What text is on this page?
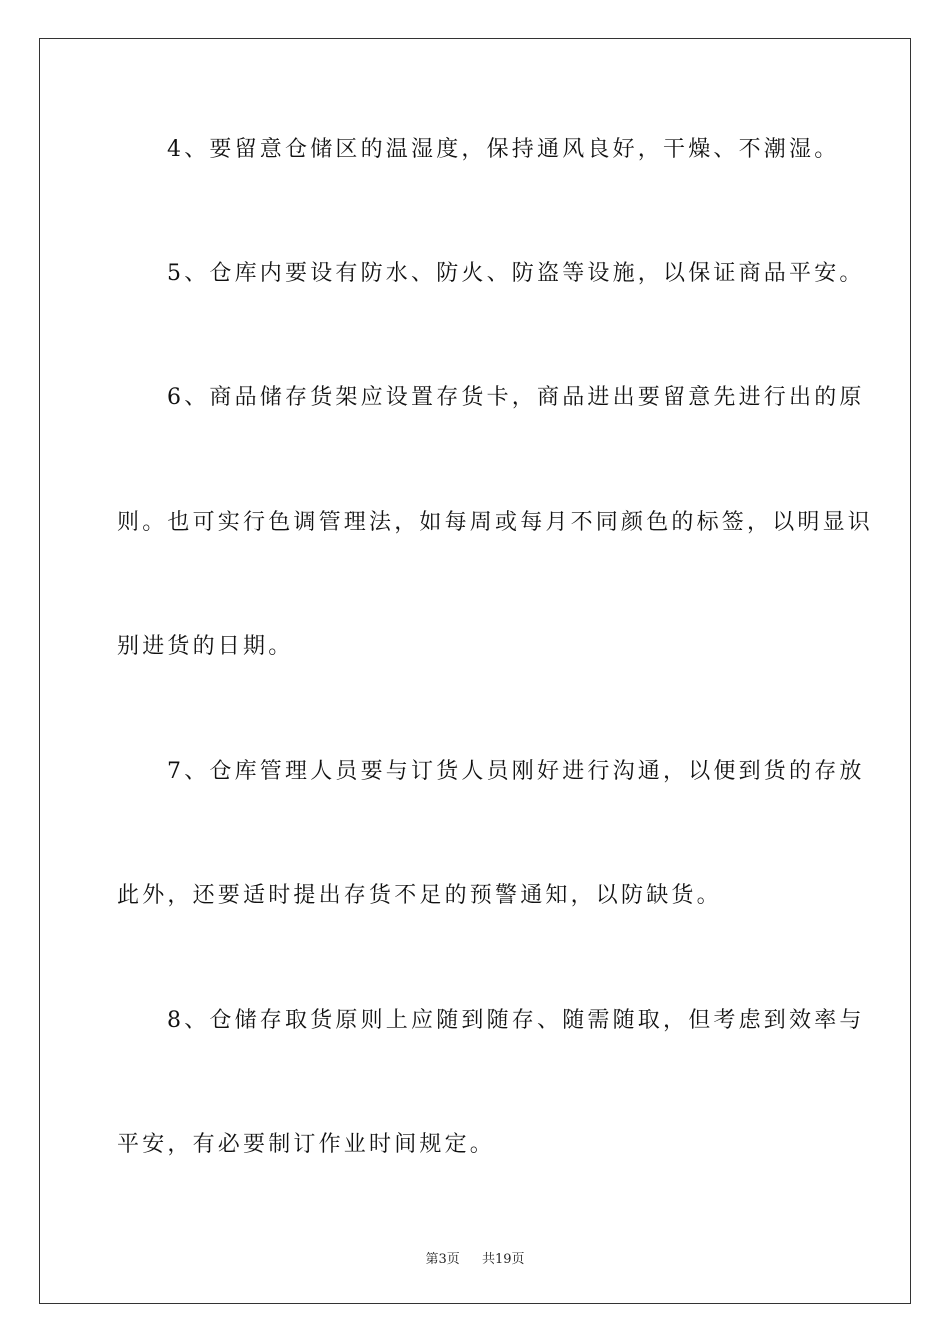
4、要留意仓储区的温湿度，保持通风良好，干燥、不潮湿。
5、仓库内要设有防水、防火、防盗等设施，以保证商品平安。
6、商品储存货架应设置存货卡，商品进出要留意先进行出的原
则。也可实行色调管理法，如每周或每月不同颜色的标签，以明显识
别进货的日期。
7、仓库管理人员要与订货人员刚好进行沟通，以便到货的存放
此外，还要适时提出存货不足的预警通知，以防缺货。
8、仓储存取货原则上应随到随存、随需随取，但考虑到效率与
平安，有必要制订作业时间规定。
第3页 共19页
